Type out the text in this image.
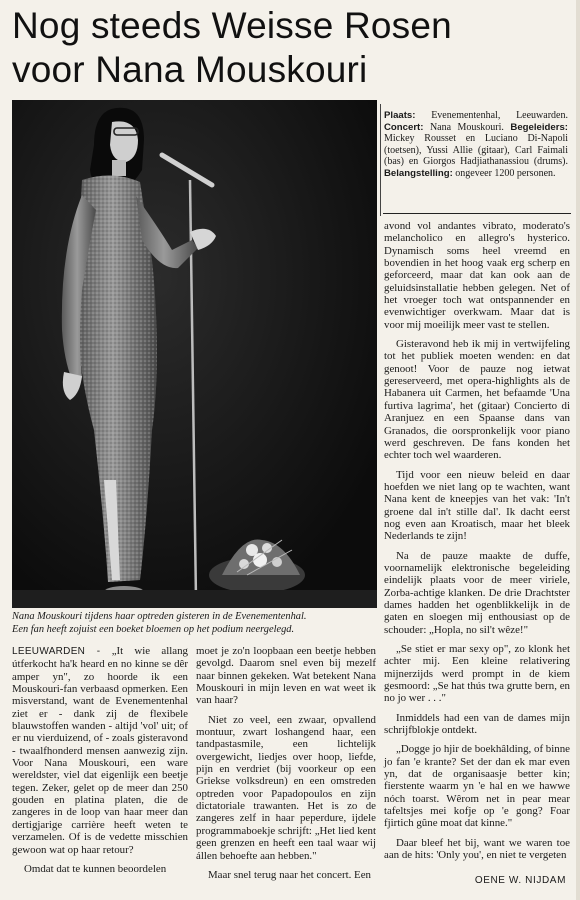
Nog steeds Weisse Rosen
voor Nana Mouskouri

Nana Mouskouri tijdens haar optreden gisteren in de Evenementenhal.
Een fan heeft zojuist een boeket bloemen op het podium neergelegd.

Plaats: Evenementenhal, Leeuwarden. Concert: Nana Mouskouri. Begeleiders: Mickey Rousset en Luciano Di-Napoli (toetsen), Yussi Allie (gitaar), Carl Faimali (bas) en Giorgos Hadjiathanassiou (drums). Belangstelling: ongeveer 1200 personen.

LEEUWARDEN - „It wie allang útferkocht ha'k heard en no kinne se dêr amper yn", zo hoorde ik een Mouskouri-fan verbaasd opmerken. Een misverstand, want de Evenementenhal ziet er - dank zij de flexibele blauwstoffen wanden - altijd 'vol' uit; of er nu vierduizend, of - zoals gisteravond - twaalfhonderd mensen aanwezig zijn. Voor Nana Mouskouri, een ware wereldster, viel dat eigenlijk een beetje tegen. Zeker, gelet op de meer dan 250 gouden en platina platen, die de zangeres in de loop van haar meer dan dertigjarige carrière heeft weten te verzamelen. Of is de vedette misschien gewoon wat op haar retour?

Omdat dat te kunnen beoordelen

moet je zo'n loopbaan een beetje hebben gevolgd. Daarom snel even bij mezelf naar binnen gekeken. Wat betekent Nana Mouskouri in mijn leven en wat weet ik van haar?

Niet zo veel, een zwaar, opvallend montuur, zwart loshangend haar, een tandpastasmile, een lichtelijk overgewicht, liedjes over hoop, liefde, pijn en verdriet (bij voorkeur op een Griekse volksdreun) en een omstreden optreden voor Papadopoulos en zijn dictatoriale trawanten. Het is zo de zangeres zelf in haar peperdure, ijdele programmaboekje schrijft: „Het lied kent geen grenzen en heeft een taal waar wij állen behoefte aan hebben."

Maar snel terug naar het concert. Een

avond vol andantes vibrato, moderato's melancholico en allegro's hysterico. Dynamisch soms heel vreemd en bovendien in het hoog vaak erg scherp en geforceerd, maar dat kan ook aan de geluidsinstallatie hebben gelegen. Net of het vroeger toch wat ontspannender en evenwichtiger overkwam. Maar dat is voor mij moeilijk meer vast te stellen.

Gisteravond heb ik mij in vertwijfeling tot het publiek moeten wenden: en dat genoot! Voor de pauze nog ietwat gereserveerd, met opera-highlights als de Habanera uit Carmen, het befaamde 'Una furtiva lagrima', het (gitaar) Concierto di Aranjuez en een Spaanse dans van Granados, die oorspronkelijk voor piano werd geschreven. De fans konden het echter toch wel waarderen.

Tijd voor een nieuw beleid en daar hoefden we niet lang op te wachten, want Nana kent de kneepjes van het vak: 'In't groene dal in't stille dal'. Ik dacht eerst nog even aan Kroatisch, maar het bleek Nederlands te zijn!

Na de pauze maakte de duffe, voornamelijk elektronische begeleiding eindelijk plaats voor de meer viriele, Zorba-achtige klanken. De drie Drachtster dames hadden het ogenblikkelijk in de gaten en sloegen mij enthousiast op de schouder: „Hopla, no sil't wêze!"

„Se stiet er mar sexy op", zo klonk het achter mij. Een kleine relativering mijnerzijds werd prompt in de kiem gesmoord: „Se hat thús twa grutte bern, en no jo wer . . ."

Inmiddels had een van de dames mijn schrijfblokje ontdekt.

„Dogge jo hjir de boekhâlding, of binne jo fan 'e krante? Set der dan ek mar even yn, dat de organisaasje better kin; fierstente waarm yn 'e hal en we hawwe nóch toarst. Wêrom net in pear mear tafeltsjes mei kofje op 'e gong? Foar fjirtich gûne moat dat kinne."

Daar bleef het bij, want we waren toe aan de hits: 'Only you', en niet te vergeten

OENE W. NIJDAM
